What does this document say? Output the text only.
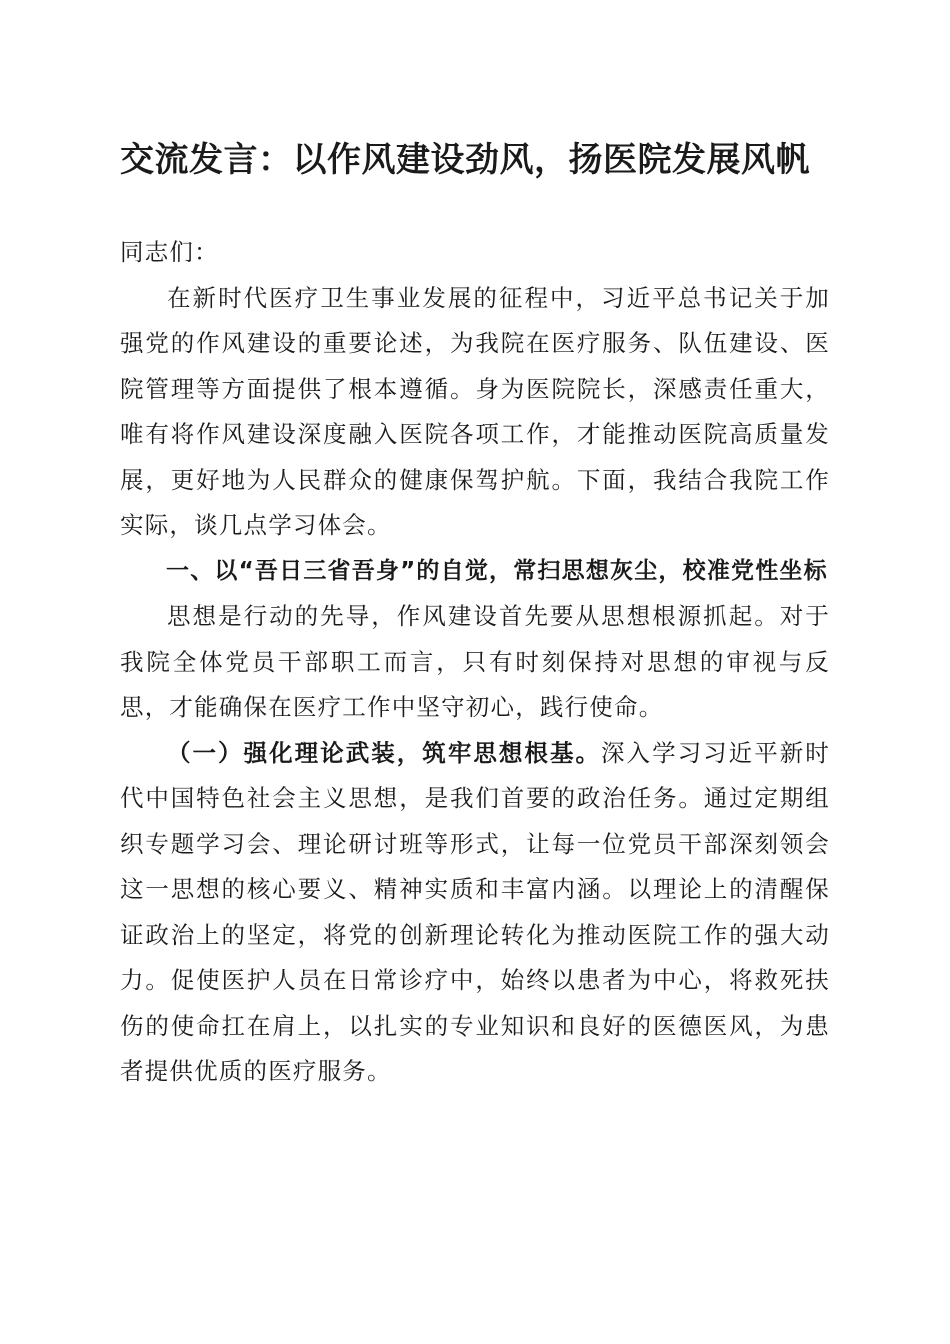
交流发言：以作风建设劲风，扬医院发展风帆

同志们：

在新时代医疗卫生事业发展的征程中，习近平总书记关于加强党的作风建设的重要论述，为我院在医疗服务、队伍建设、医院管理等方面提供了根本遵循。身为医院院长，深感责任重大，唯有将作风建设深度融入医院各项工作，才能推动医院高质量发展，更好地为人民群众的健康保驾护航。下面，我结合我院工作实际，谈几点学习体会。

一、以“吾日三省吾身”的自觉，常扫思想灰尘，校准党性坐标

思想是行动的先导，作风建设首先要从思想根源抓起。对于我院全体党员干部职工而言，只有时刻保持对思想的审视与反思，才能确保在医疗工作中坚守初心，践行使命。

（一）强化理论武装，筑牢思想根基。深入学习习近平新时代中国特色社会主义思想，是我们首要的政治任务。通过定期组织专题学习会、理论研讨班等形式，让每一位党员干部深刻领会这一思想的核心要义、精神实质和丰富内涵。以理论上的清醒保证政治上的坚定，将党的创新理论转化为推动医院工作的强大动力。促使医护人员在日常诊疗中，始终以患者为中心，将救死扶伤的使命扛在肩上，以扎实的专业知识和良好的医德医风，为患者提供优质的医疗服务。
